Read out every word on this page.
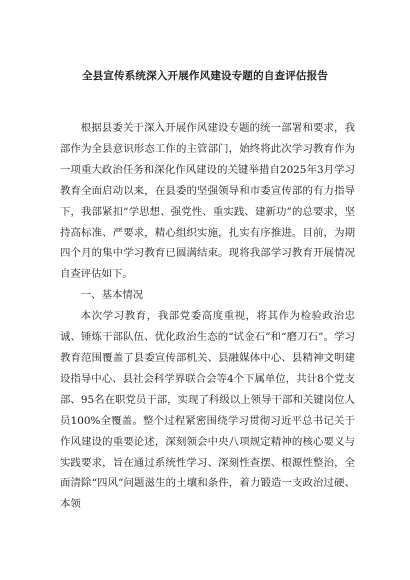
全县宣传系统深入开展作风建设专题的自查评估报告

根据县委关于深入开展作风建设专题的统一部署和要求，我部作为全县意识形态工作的主管部门，始终将此次学习教育作为一项重大政治任务和深化作风建设的关键举措自2025年3月学习教育全面启动以来，在县委的坚强领导和市委宣传部的有力指导下，我部紧扣“学思想、强党性、重实践、建新功”的总要求，坚持高标准、严要求，精心组织实施，扎实有序推进。目前，为期四个月的集中学习教育已圆满结束。现将我部学习教育开展情况自查评估如下。

一、基本情况

本次学习教育，我部党委高度重视，将其作为检验政治忠诚、锤炼干部队伍、优化政治生态的“试金石”和“磨刀石”。学习教育范围覆盖了县委宣传部机关、县融媒体中心、县精神文明建设指导中心、县社会科学界联合会等4个下属单位，共计8个党支部、95名在职党员干部，实现了科级以上领导干部和关键岗位人员100%全覆盖。整个过程紧密围绕学习贯彻习近平总书记关于作风建设的重要论述，深刻领会中央八项规定精神的核心要义与实践要求，旨在通过系统性学习、深刻性查摆、根源性整治，全面清除“四风”问题滋生的土壤和条件，着力锻造一支政治过硬、本领
